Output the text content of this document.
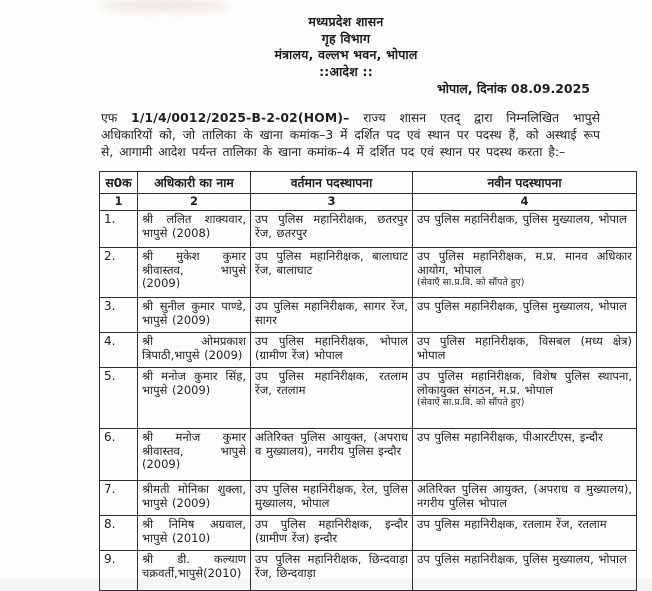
मध्यप्रदेश शासन
गृह विभाग
मंत्रालय, वल्लभ भवन, भोपाल
::आदेश ::
भोपाल, दिनांक 08.09.2025
एफ 1/1/4/0012/2025-B-2-02(HOM)– राज्य शासन एतद् द्वारा निम्नलिखित भापुसे अधिकारियों को, जो तालिका के खाना कमांक–3 में दर्शित पद एवं स्थान पर पदस्थ हैं, को अस्थाई रूप से, आगामी आदेश पर्यन्त तालिका के खाना कमांक–4 में दर्शित पद एवं स्थान पर पदस्थ करता है:–
स0क	अधिकारी का नाम	वर्तमान पदस्थापना	नवीन पदस्थापना
1	2	3	4
1.	श्री ललित शाक्यवार, भापुसे (2008)	उप पुलिस महानिरीक्षक, छतरपुर रेंज, छतरपुर	उप पुलिस महानिरीक्षक, पुलिस मुख्यालय, भोपाल
2.	श्री मुकेश कुमार श्रीवास्तव, भापुसे (2009)	उप पुलिस महानिरीक्षक, बालाघाट रेंज, बालाघाट	उप पुलिस महानिरीक्षक, म.प्र. मानव अधिकार आयोग, भोपाल
(सेवाएँ सा.प्र.वि. को सौंपते हुए)

3.	श्री सुनील कुमार पाण्डे, भापुसे (2009)	उप पुलिस महानिरीक्षक, सागर रेंज, सागर	उप पुलिस महानिरीक्षक, पुलिस मुख्यालय, भोपाल
4.	श्री ओमप्रकाश त्रिपाठी,भापुसे (2009)	उप पुलिस महानिरीक्षक, भोपाल (ग्रामीण रेंज) भोपाल	उप पुलिस महानिरीक्षक, विसबल (मध्य क्षेत्र) भोपाल
5.	श्री मनोज कुमार सिंह, भापुसे (2009)	उप पुलिस महानिरीक्षक, रतलाम रेंज, रतलाम	उप पुलिस महानिरीक्षक, विशेष पुलिस स्थापना, लोकायुक्त संगठन, म.प्र. भोपाल
(सेवाऐं सा.प्र.वि. को सौंपते हुए)

6.	श्री मनोज कुमार श्रीवास्तव, भापुसे (2009)	अतिरिक्त पुलिस आयुक्त, (अपराध व मुख्यालय), नगरीय पुलिस इन्दौर	उप पुलिस महानिरीक्षक, पीआरटीएस, इन्दौर
7.	श्रीमती मोनिका शुक्ला, भापुसे (2009)	उप पुलिस महानिरीक्षक, रेल, पुलिस मुख्यालय, भोपाल	अतिरिक्त पुलिस आयुक्त, (अपराध व मुख्यालय), नगरीय पुलिस भोपाल
8.	श्री निमिष अग्रवाल, भापुसे (2010)	उप पुलिस महानिरीक्षक, इन्दौर (ग्रामीण रेंज) इन्दौर	उप पुलिस महानिरीक्षक, रतलाम रेंज, रतलाम
9.	श्री डी. कल्याण चक्रवर्ती,भापुसे(2010)	उप पुलिस महानिरीक्षक, छिन्दवाड़ा रेंज, छिन्दवाड़ा	उप पुलिस महानिरीक्षक, पुलिस मुख्यालय, भोपाल
